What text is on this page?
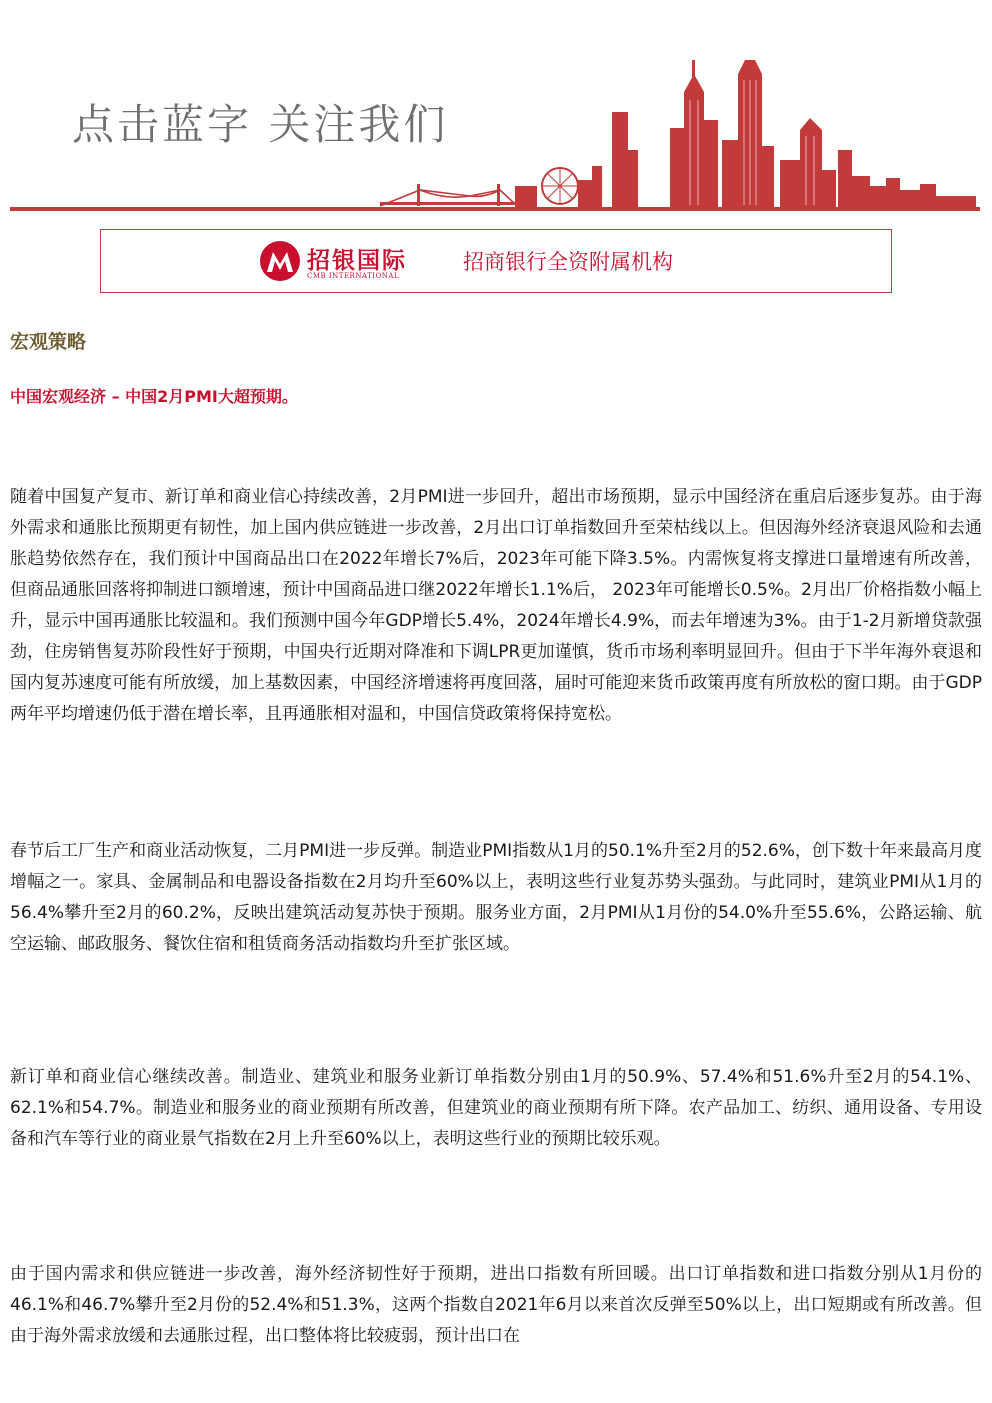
点击蓝字 关注我们
招银国际
CMB INTERNATIONAL
招商银行全资附属机构
宏观策略
中国宏观经济 – 中国2月PMI大超预期。

随着中国复产复市、新订单和商业信心持续改善，2月PMI进一步回升，超出市场预期，显示中国经济在重启后逐步复苏。由于海外需求和通胀比预期更有韧性，加上国内供应链进一步改善，2月出口订单指数回升至荣枯线以上。但因海外经济衰退风险和去通胀趋势依然存在，我们预计中国商品出口在2022年增长7%后，2023年可能下降3.5%。内需恢复将支撑进口量增速有所改善，但商品通胀回落将抑制进口额增速，预计中国商品进口继2022年增长1.1%后， 2023年可能增长0.5%。2月出厂价格指数小幅上升，显示中国再通胀比较温和。我们预测中国今年GDP增长5.4%，2024年增长4.9%，而去年增速为3%。由于1-2月新增贷款强劲，住房销售复苏阶段性好于预期，中国央行近期对降准和下调LPR更加谨慎，货币市场利率明显回升。但由于下半年海外衰退和国内复苏速度可能有所放缓，加上基数因素，中国经济增速将再度回落，届时可能迎来货币政策再度有所放松的窗口期。由于GDP两年平均增速仍低于潜在增长率，且再通胀相对温和，中国信贷政策将保持宽松。

春节后工厂生产和商业活动恢复，二月PMI进一步反弹。制造业PMI指数从1月的50.1%升至2月的52.6%，创下数十年来最高月度增幅之一。家具、金属制品和电器设备指数在2月均升至60%以上，表明这些行业复苏势头强劲。与此同时，建筑业PMI从1月的56.4%攀升至2月的60.2%，反映出建筑活动复苏快于预期。服务业方面，2月PMI从1月份的54.0%升至55.6%，公路运输、航空运输、邮政服务、餐饮住宿和租赁商务活动指数均升至扩张区域。

新订单和商业信心继续改善。制造业、建筑业和服务业新订单指数分别由1月的50.9%、57.4%和51.6%升至2月的54.1%、62.1%和54.7%。制造业和服务业的商业预期有所改善，但建筑业的商业预期有所下降。农产品加工、纺织、通用设备、专用设备和汽车等行业的商业景气指数在2月上升至60%以上，表明这些行业的预期比较乐观。

由于国内需求和供应链进一步改善，海外经济韧性好于预期，进出口指数有所回暖。出口订单指数和进口指数分别从1月份的46.1%和46.7%攀升至2月份的52.4%和51.3%，这两个指数自2021年6月以来首次反弹至50%以上，出口短期或有所改善。但由于海外需求放缓和去通胀过程，出口整体将比较疲弱，预计出口在
